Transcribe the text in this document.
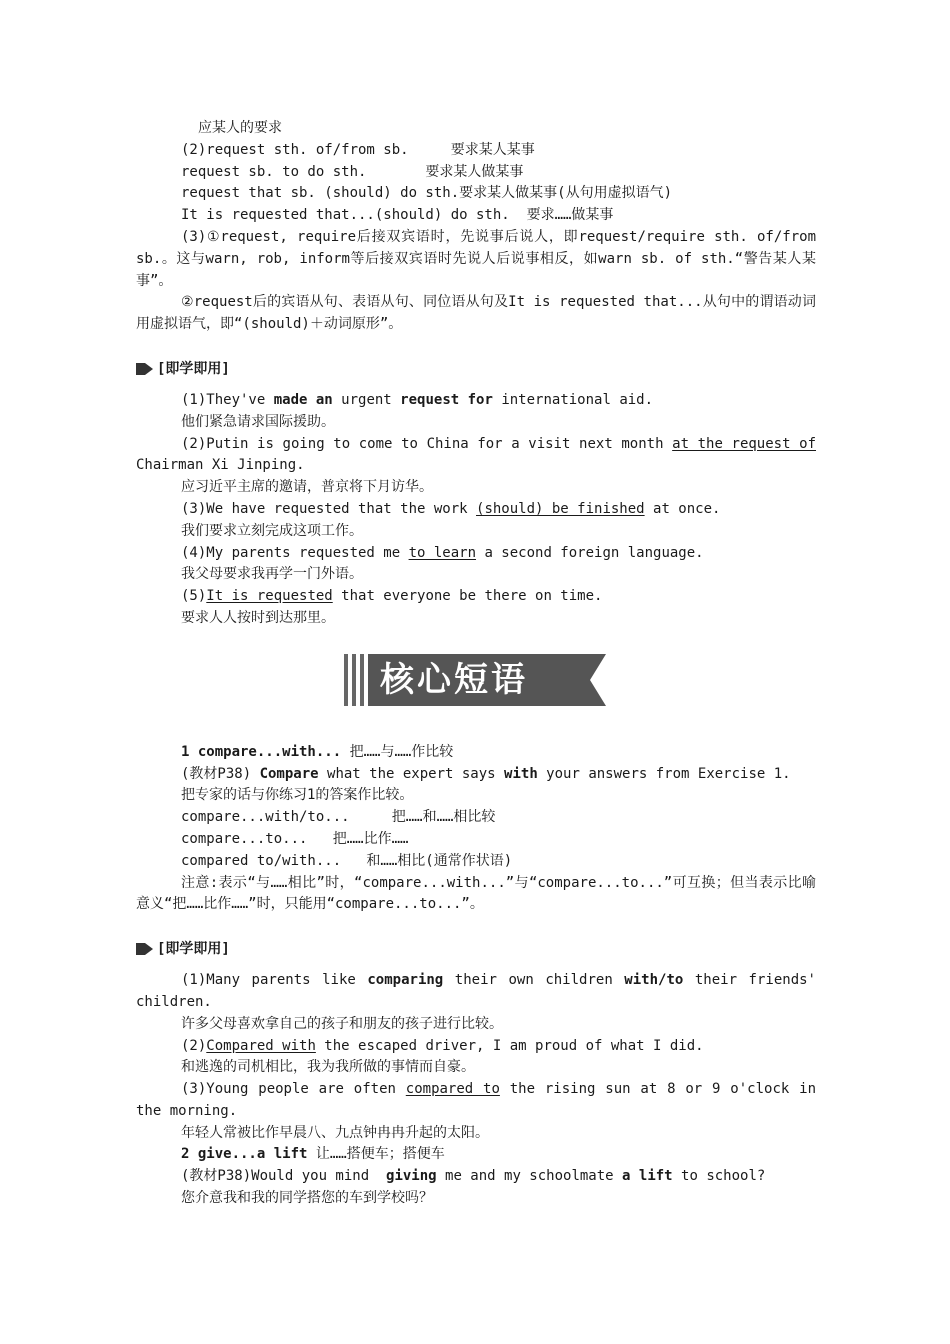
应某人的要求
(2)request sth. of/from sb.     要求某人某事
request sb. to do sth.       要求某人做某事
request that sb. (should) do sth.要求某人做某事(从句用虚拟语气)
It is requested that...(should) do sth.  要求……做某事
(3)①request, require后接双宾语时，先说事后说人，即request/require sth. of/from sb.。这与warn, rob, inform等后接双宾语时先说人后说事相反，如warn sb. of sth.“警告某人某事”。
②request后的宾语从句、表语从句、同位语从句及It is requested that...从句中的谓语动词用虚拟语气，即“(should)＋动词原形”。
[即学即用]
(1)They've made an urgent request for international aid.
他们紧急请求国际援助。
(2)Putin is going to come to China for a visit next month at the request of Chairman Xi Jinping.
应习近平主席的邀请，普京将下月访华。
(3)We have requested that the work (should) be finished at once.
我们要求立刻完成这项工作。
(4)My parents requested me to learn a second foreign language.
我父母要求我再学一门外语。
(5)It is requested that everyone be there on time.
要求人人按时到达那里。
核心短语
1 compare...with... 把……与……作比较
(教材P38) Compare what the expert says with your answers from Exercise 1.
把专家的话与你练习1的答案作比较。
compare...with/to...     把……和……相比较
compare...to...   把……比作……
compared to/with...   和……相比(通常作状语)
注意:表示“与……相比”时，“compare...with...”与“compare...to...”可互换；但当表示比喻意义“把……比作……”时，只能用“compare...to...”。
[即学即用]
(1)Many parents like comparing their own children with/to their friends' children.
许多父母喜欢拿自己的孩子和朋友的孩子进行比较。
(2)Compared with the escaped driver, I am proud of what I did.
和逃逸的司机相比，我为我所做的事情而自豪。
(3)Young people are often compared to the rising sun at 8 or 9 o'clock in the morning.
年轻人常被比作早晨八、九点钟冉冉升起的太阳。
2 give...a lift 让……搭便车；搭便车
(教材P38)Would you mind  giving me and my schoolmate a lift to school?
您介意我和我的同学搭您的车到学校吗？
